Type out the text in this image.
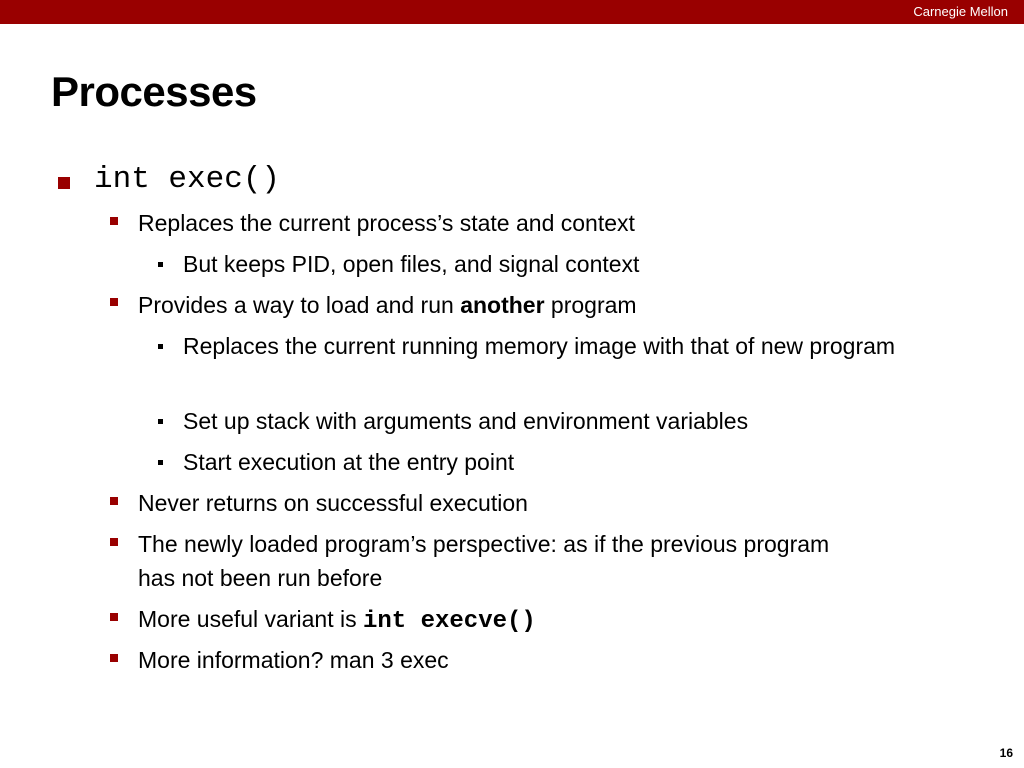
Carnegie Mellon
Processes
int exec()
Replaces the current process’s state and context
But keeps PID, open files, and signal context
Provides a way to load and run another program
Replaces the current running memory image with that of new program
Set up stack with arguments and environment variables
Start execution at the entry point
Never returns on successful execution
The newly loaded program’s perspective: as if the previous program has not been run before
More useful variant is int execve()
More information? man 3 exec
16
